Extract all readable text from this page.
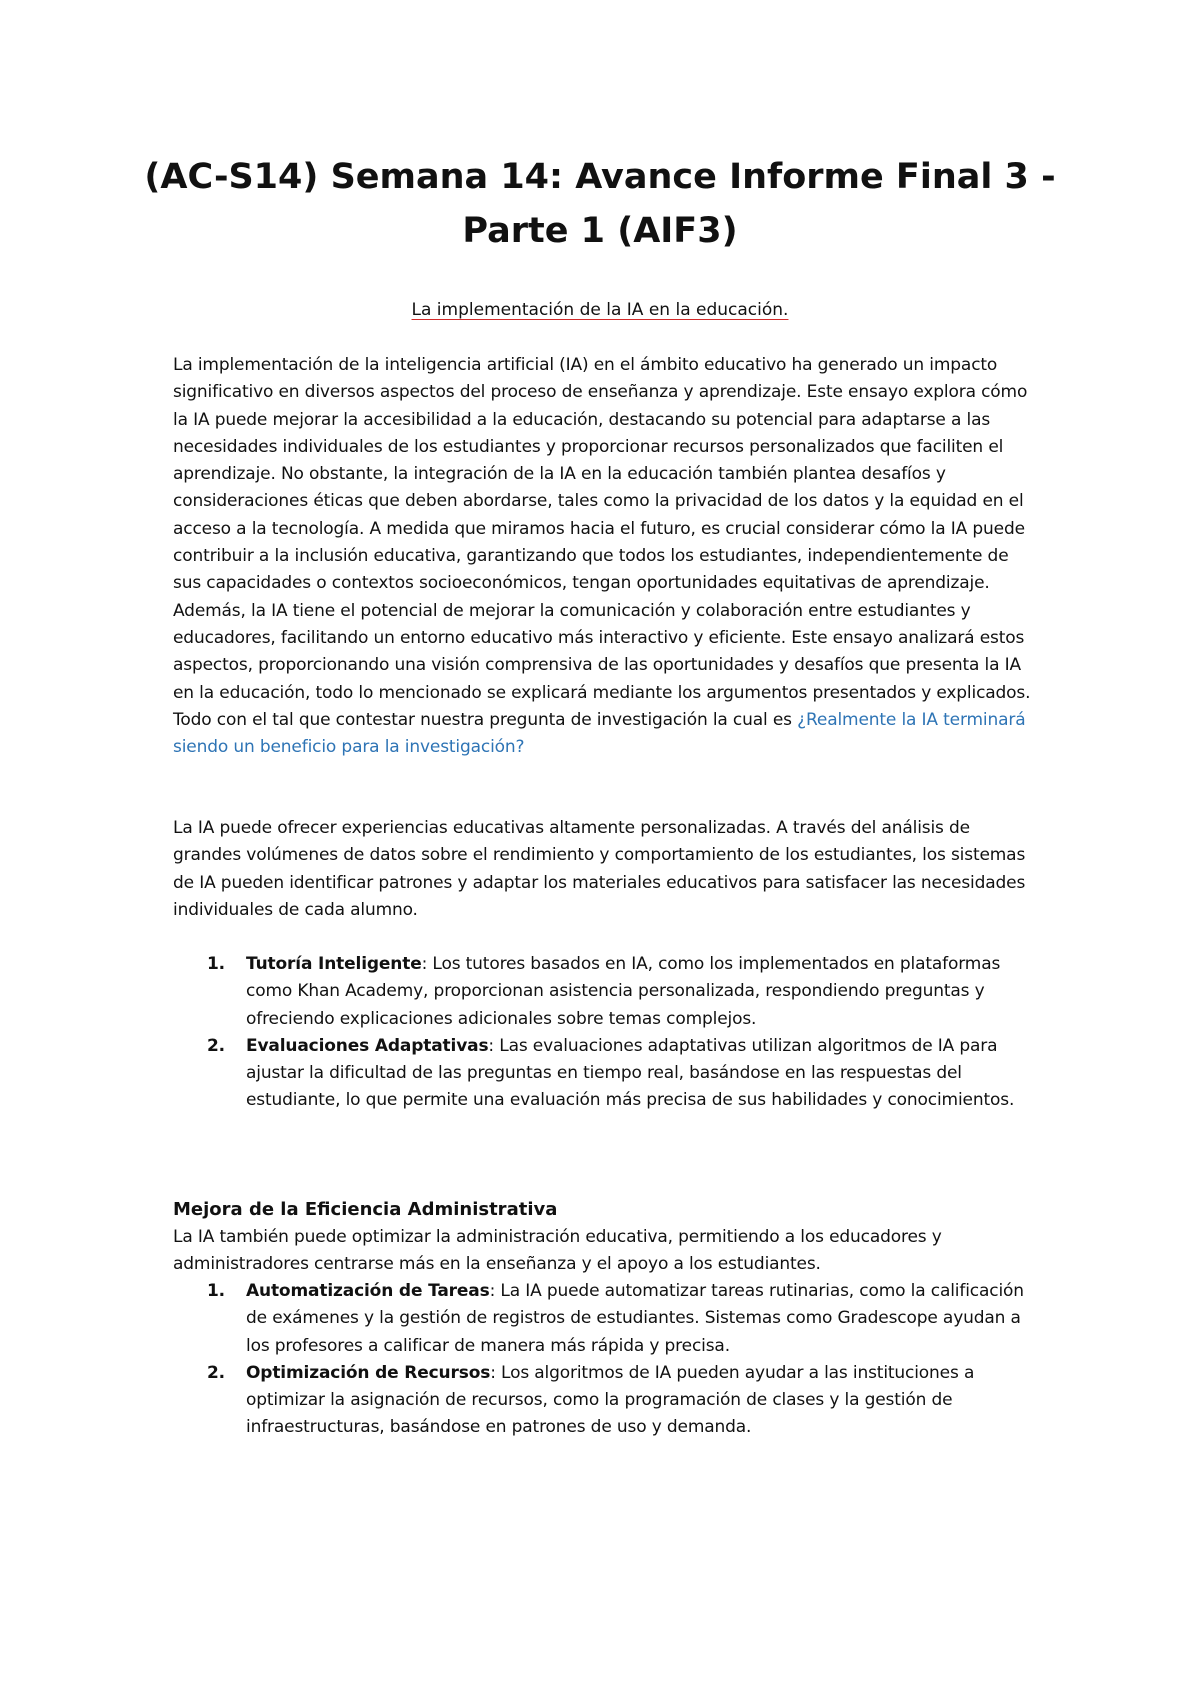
(AC-S14) Semana 14: Avance Informe Final 3 - Parte 1 (AIF3)

La implementación de la IA en la educación.

La implementación de la inteligencia artificial (IA) en el ámbito educativo ha generado un impacto significativo en diversos aspectos del proceso de enseñanza y aprendizaje. Este ensayo explora cómo la IA puede mejorar la accesibilidad a la educación, destacando su potencial para adaptarse a las necesidades individuales de los estudiantes y proporcionar recursos personalizados que faciliten el aprendizaje. No obstante, la integración de la IA en la educación también plantea desafíos y consideraciones éticas que deben abordarse, tales como la privacidad de los datos y la equidad en el acceso a la tecnología. A medida que miramos hacia el futuro, es crucial considerar cómo la IA puede contribuir a la inclusión educativa, garantizando que todos los estudiantes, independientemente de sus capacidades o contextos socioeconómicos, tengan oportunidades equitativas de aprendizaje. Además, la IA tiene el potencial de mejorar la comunicación y colaboración entre estudiantes y educadores, facilitando un entorno educativo más interactivo y eficiente. Este ensayo analizará estos aspectos, proporcionando una visión comprensiva de las oportunidades y desafíos que presenta la IA en la educación, todo lo mencionado se explicará mediante los argumentos presentados y explicados. Todo con el tal que contestar nuestra pregunta de investigación la cual es ¿Realmente la IA terminará siendo un beneficio para la investigación?

La IA puede ofrecer experiencias educativas altamente personalizadas. A través del análisis de grandes volúmenes de datos sobre el rendimiento y comportamiento de los estudiantes, los sistemas de IA pueden identificar patrones y adaptar los materiales educativos para satisfacer las necesidades individuales de cada alumno.

1. Tutoría Inteligente: Los tutores basados en IA, como los implementados en plataformas como Khan Academy, proporcionan asistencia personalizada, respondiendo preguntas y ofreciendo explicaciones adicionales sobre temas complejos.
2. Evaluaciones Adaptativas: Las evaluaciones adaptativas utilizan algoritmos de IA para ajustar la dificultad de las preguntas en tiempo real, basándose en las respuestas del estudiante, lo que permite una evaluación más precisa de sus habilidades y conocimientos.
Mejora de la Eficiencia Administrativa

La IA también puede optimizar la administración educativa, permitiendo a los educadores y administradores centrarse más en la enseñanza y el apoyo a los estudiantes.

1. Automatización de Tareas: La IA puede automatizar tareas rutinarias, como la calificación de exámenes y la gestión de registros de estudiantes. Sistemas como Gradescope ayudan a los profesores a calificar de manera más rápida y precisa.
2. Optimización de Recursos: Los algoritmos de IA pueden ayudar a las instituciones a optimizar la asignación de recursos, como la programación de clases y la gestión de infraestructuras, basándose en patrones de uso y demanda.
